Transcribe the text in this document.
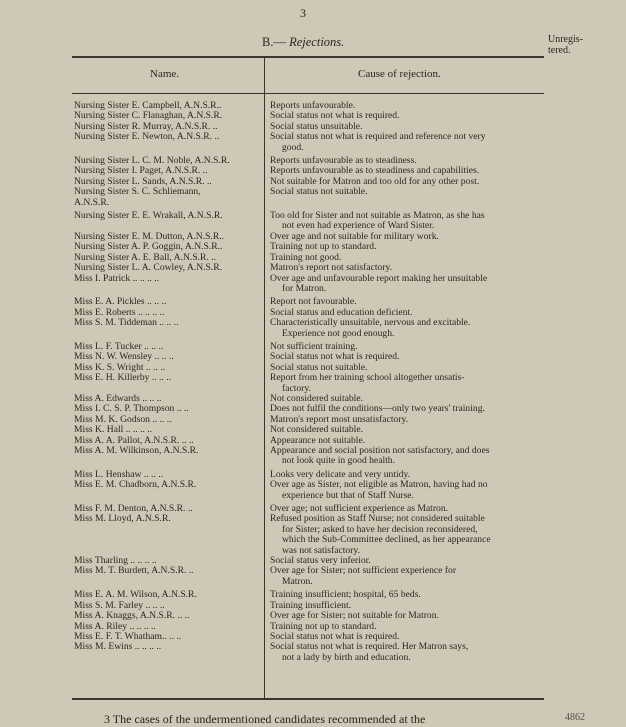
3
B.— Rejections.	Unregis-
tered.
Name.	Cause of rejection.
Nursing Sister E. Campbell, A.N.S.R..	Reports unfavourable.
Nursing Sister C. Flanaghan, A.N.S.R.	Social status not what is required.
Nursing Sister R. Murray, A.N.S.R. ..	Social status unsuitable.
Nursing Sister E. Newton, A.N.S.R. ..	Social status not what is required and reference not very
good.
Nursing Sister L. C. M. Noble, A.N.S.R.	Reports unfavourable as to steadiness.
Nursing Sister I. Paget, A.N.S.R. ..	Reports unfavourable as to steadiness and capabilities.
Nursing Sister L. Sands, A.N.S.R. ..	Not suitable for Matron and too old for any other post.
Nursing Sister S. C. Schliemann,	Social status not suitable.
A.N.S.R.
Nursing Sister E. E. Wrakall, A.N.S.R.	Too old for Sister and not suitable as Matron, as she has
not even had experience of Ward Sister.
Nursing Sister E. M. Dutton, A.N.S.R..	Over age and not suitable for military work.
Nursing Sister A. P. Goggin, A.N.S.R..	Training not up to standard.
Nursing Sister A. E. Ball, A.N.S.R. ..	Training not good.
Nursing Sister L. A. Cowley, A.N.S.R.	Matron's report not satisfactory.
Miss I. Patrick .. .. .. ..	Over age and unfavourable report making her unsuitable
for Matron.
Miss E. A. Pickles .. .. ..	Report not favourable.
Miss E. Roberts .. .. .. ..	Social status and education deficient.
Miss S. M. Tiddeman .. .. ..	Characteristically unsuitable, nervous and excitable.
Experience not good enough.
Miss L. F. Tucker .. .. ..	Not sufficient training.
Miss N. W. Wensley .. .. ..	Social status not what is required.
Miss K. S. Wright .. .. ..	Social status not suitable.
Miss E. H. Killerby .. .. ..	Report from her training school altogether unsatis-
factory.
Miss A. Edwards .. .. ..	Not considered suitable.
Miss I. C. S. P. Thompson .. ..	Does not fulfil the conditions—only two years' training.
Miss M. K. Godson .. .. ..	Matron's report most unsatisfactory.
Miss K. Hall .. .. .. ..	Not considered suitable.
Miss A. A. Pallot, A.N.S.R. .. ..	Appearance not suitable.
Miss A. M. Wilkinson, A.N.S.R.	Appearance and social position not satisfactory, and does
not look quite in good health.
Miss L. Henshaw .. .. ..	Looks very delicate and very untidy.
Miss E. M. Chadborn, A.N.S.R.	Over age as Sister, not eligible as Matron, having had no
experience but that of Staff Nurse.
Miss F. M. Denton, A.N.S.R. ..	Over age; not sufficient experience as Matron.
Miss M. Lloyd, A.N.S.R.	Refused position as Staff Nurse; not considered suitable
for Sister; asked to have her decision reconsidered,
which the Sub-Committee declined, as her appearance
was not satisfactory.
Miss Tharling .. .. .. ..	Social status very inferior.
Miss M. T. Burdett, A.N.S.R. ..	Over age for Sister; not sufficient experience for
Matron.
Miss E. A. M. Wilson, A.N.S.R.	Training insufficient; hospital, 65 beds.
Miss S. M. Farley .. .. ..	Training insufficient.
Miss A. Knaggs, A.N.S.R. .. ..	Over age for Sister; not suitable for Matron.
Miss A. Riley .. .. .. ..	Training not up to standard.
Miss E. F. T. Whatham.. .. ..	Social status not what is required.
Miss M. Ewins .. .. .. ..	Social status not what is required. Her Matron says,
not a lady by birth and education.
3 The cases of the undermentioned candidates recommended at the	4862
